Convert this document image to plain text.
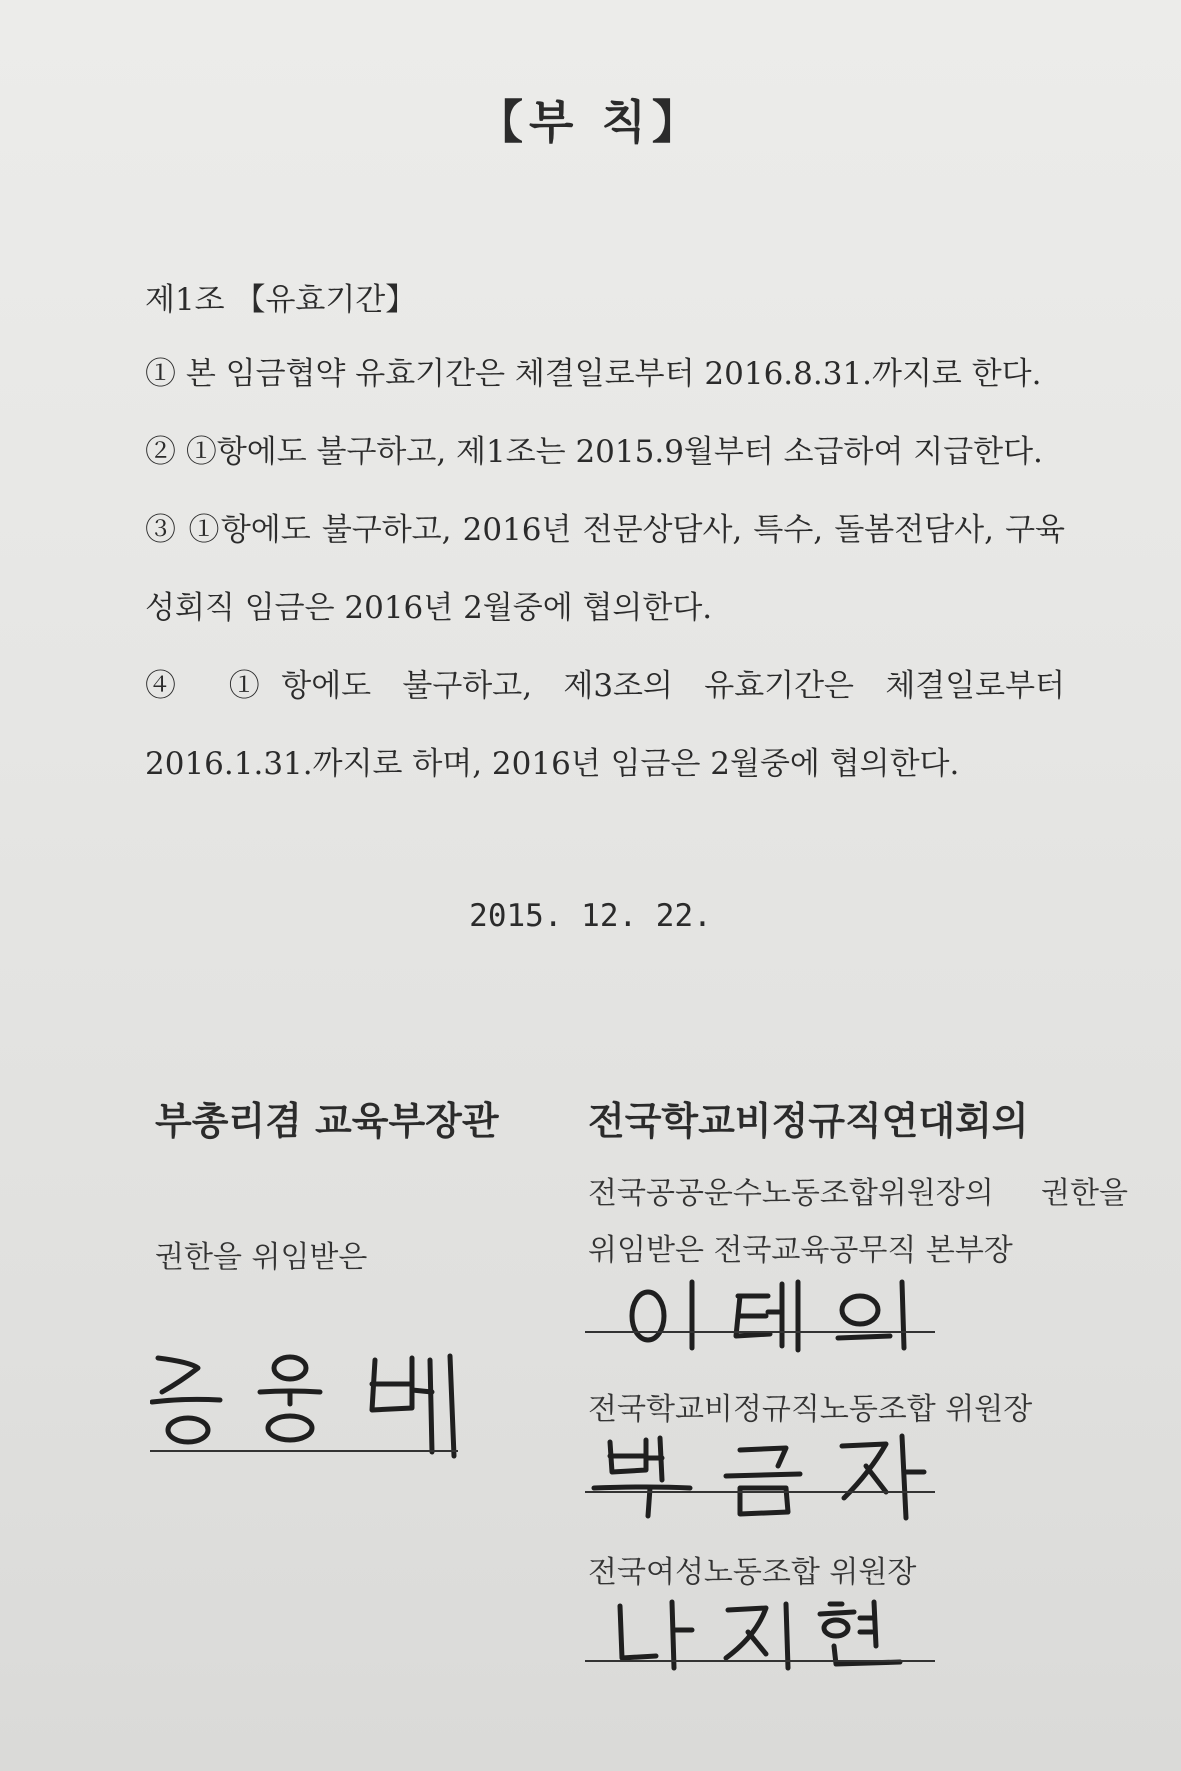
【부 칙】
제1조 【유효기간】
① 본 임금협약 유효기간은 체결일로부터 2016.8.31.까지로 한다.
② ①항에도 불구하고, 제1조는 2015.9월부터 소급하여 지급한다.
③ ①항에도 불구하고, 2016년 전문상담사, 특수, 돌봄전담사, 구육성회직 임금은 2016년 2월중에 협의한다.
④ ①항에도 불구하고, 제3조의 유효기간은 체결일로부터 2016.1.31.까지로 하며, 2016년 임금은 2월중에 협의한다.
2015. 12. 22.
부총리겸 교육부장관
권한을 위임받은
전국학교비정규직연대회의
전국공공운수노동조합위원장의 권한을
위임받은 전국교육공무직 본부장
전국학교비정규직노동조합 위원장
전국여성노동조합 위원장
